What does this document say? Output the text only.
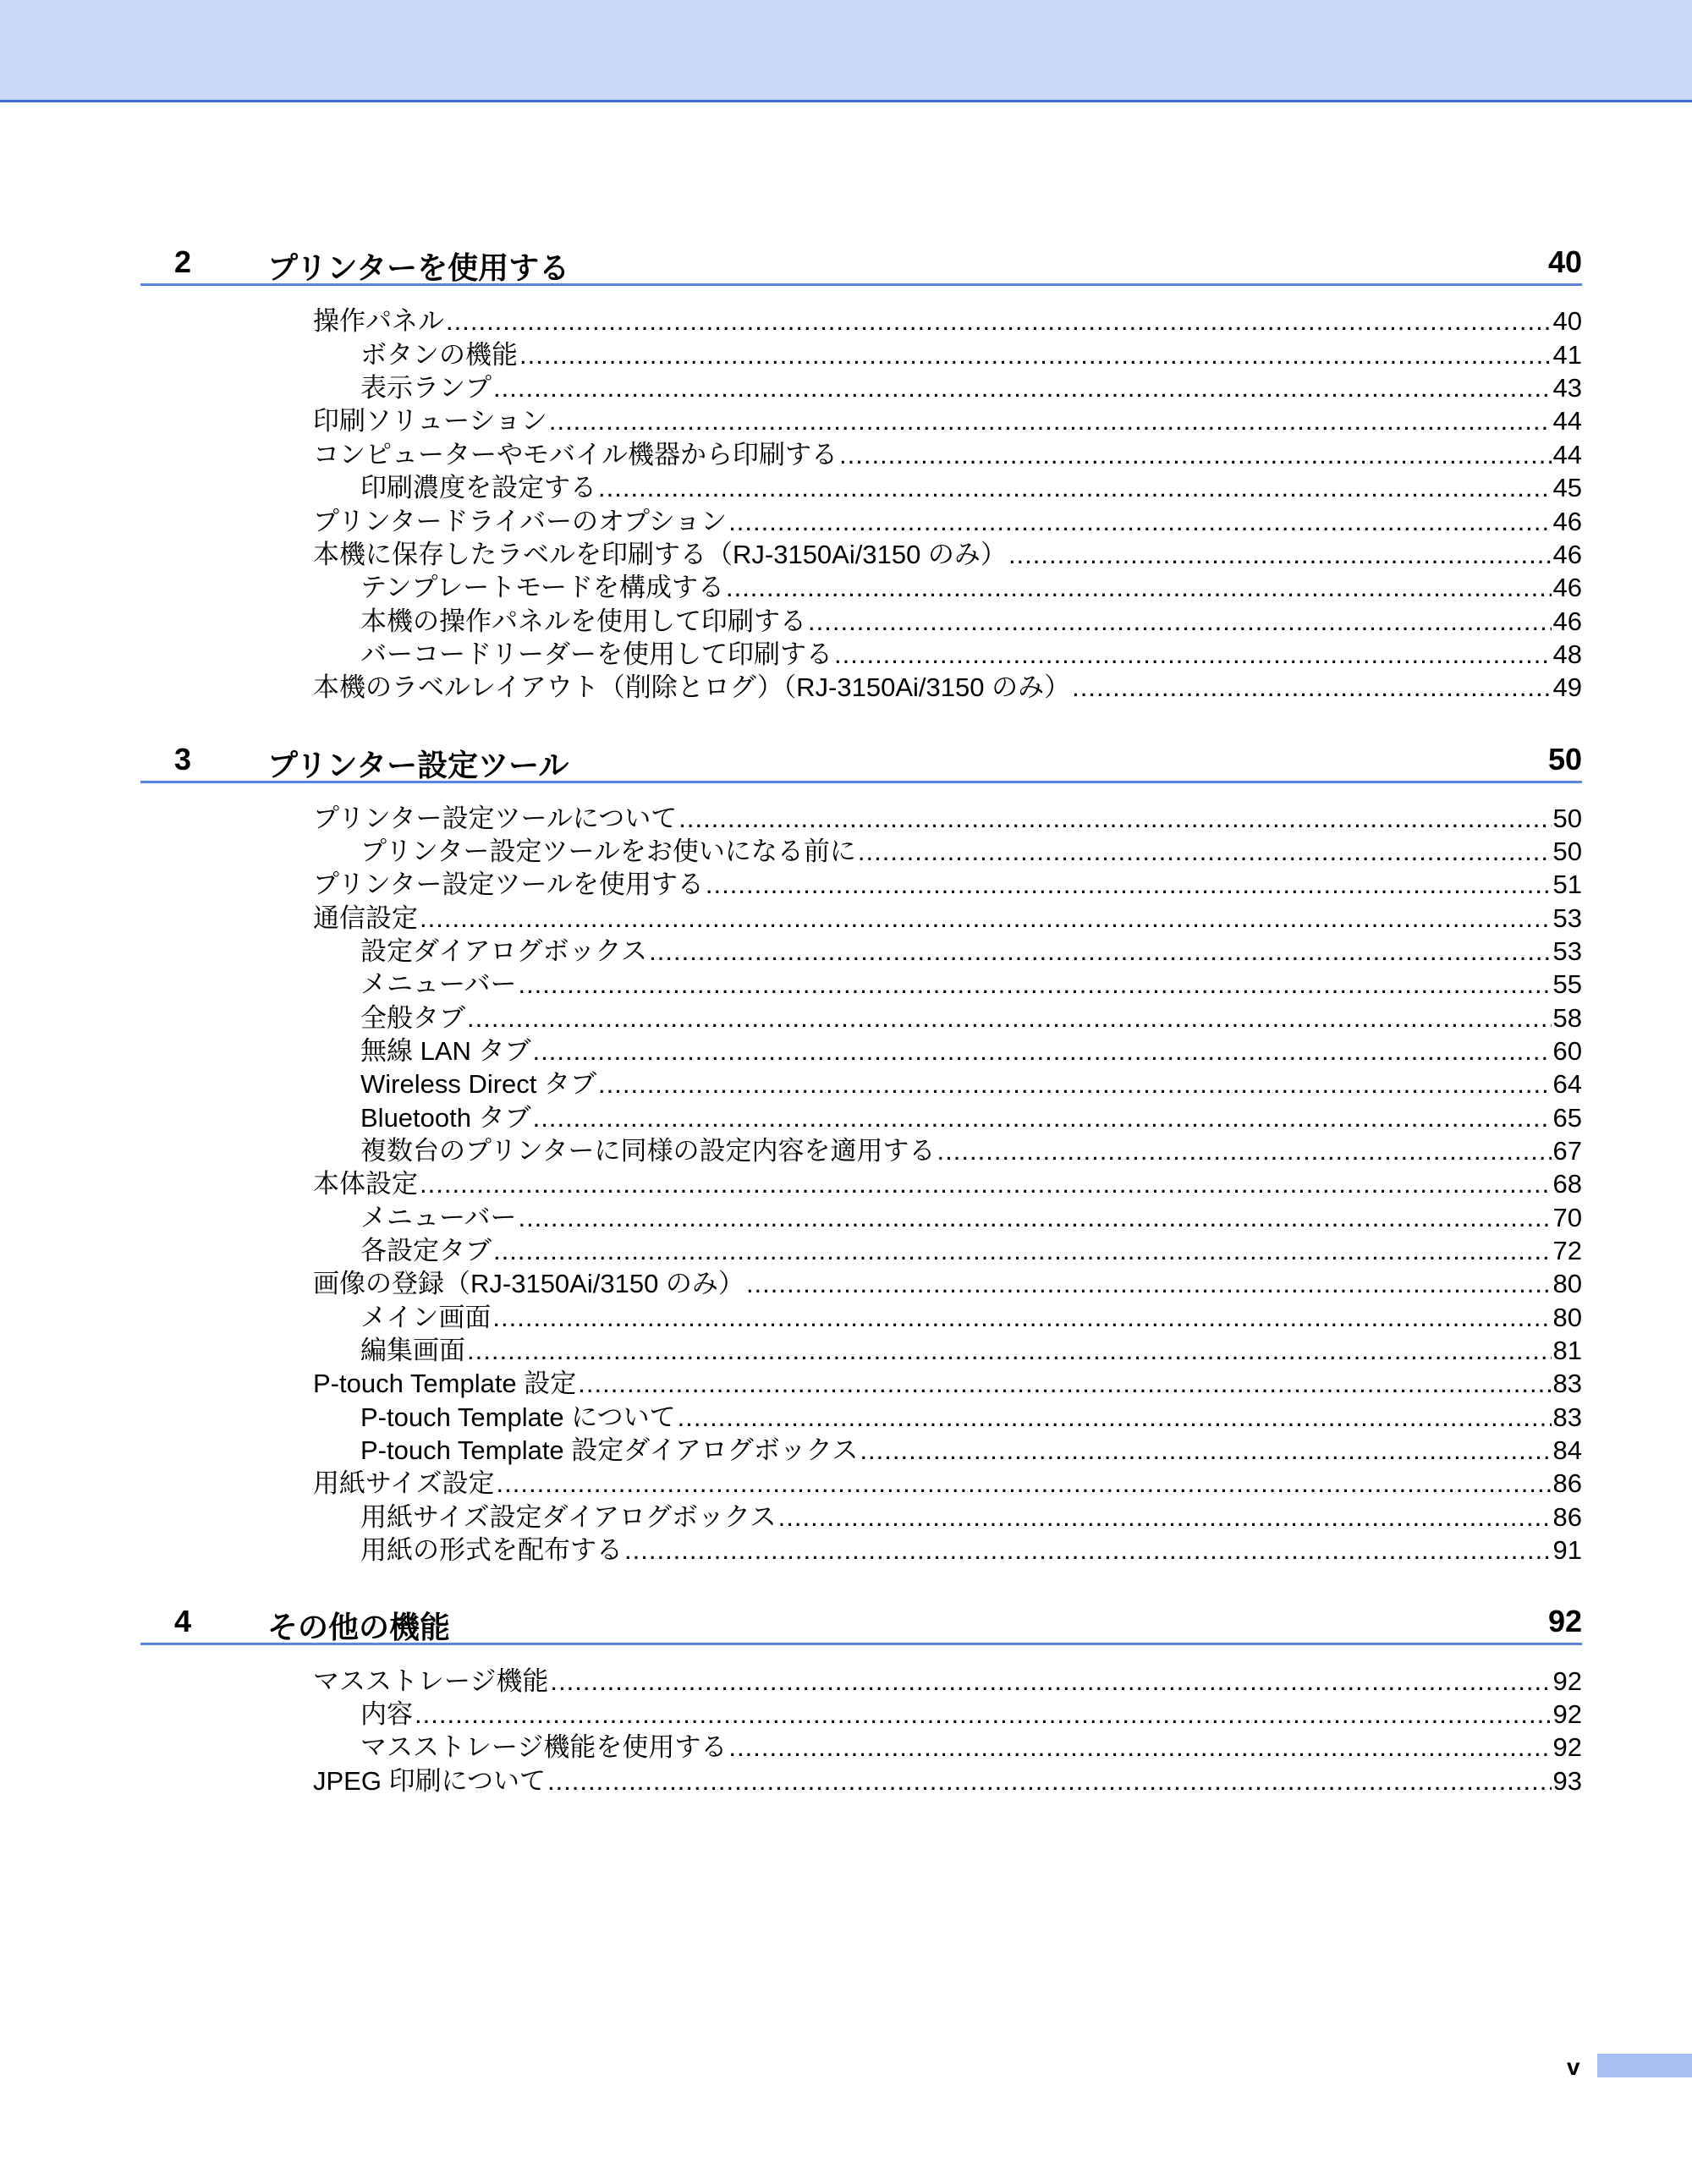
2 プリンターを使用する	40
操作パネル .....	40
ボタンの機能 .....	41
表示ランプ .....	43
印刷ソリューション .....	44
コンピューターやモバイル機器から印刷する .....	44
印刷濃度を設定する .....	45
プリンタードライバーのオプション .....	46
本機に保存したラベルを印刷する（RJ-3150Ai/3150 のみ） .....	46
テンプレートモードを構成する .....	46
本機の操作パネルを使用して印刷する .....	46
バーコードリーダーを使用して印刷する .....	48
本機のラベルレイアウト（削除とログ）（RJ-3150Ai/3150 のみ） .....	49
3 プリンター設定ツール	50
プリンター設定ツールについて .....	50
プリンター設定ツールをお使いになる前に .....	50
プリンター設定ツールを使用する .....	51
通信設定 .....	53
設定ダイアログボックス .....	53
メニューバー .....	55
全般タブ .....	58
無線 LAN タブ .....	60
Wireless Direct タブ .....	64
Bluetooth タブ .....	65
複数台のプリンターに同様の設定内容を適用する .....	67
本体設定 .....	68
メニューバー .....	70
各設定タブ .....	72
画像の登録（RJ-3150Ai/3150 のみ） .....	80
メイン画面 .....	80
編集画面 .....	81
P-touch Template 設定 .....	83
P-touch Template について .....	83
P-touch Template 設定ダイアログボックス .....	84
用紙サイズ設定 .....	86
用紙サイズ設定ダイアログボックス .....	86
用紙の形式を配布する .....	91
4 その他の機能	92
マスストレージ機能 .....	92
内容 .....	92
マスストレージ機能を使用する .....	92
JPEG 印刷について .....	93
v
